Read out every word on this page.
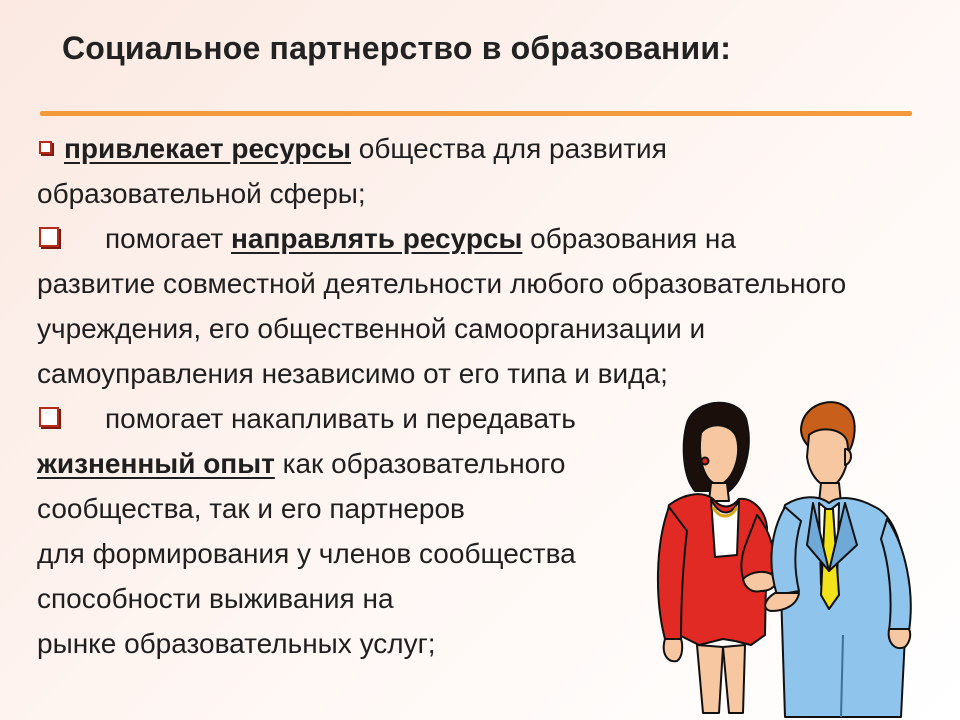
Социальное партнерство в образовании:
привлекает ресурсы общества для развития
образовательной сферы;
помогает направлять ресурсы образования на
развитие совместной деятельности любого образовательного
учреждения, его общественной самоорганизации и
самоуправления независимо от его типа и вида;
помогает накапливать и передавать
жизненный опыт как образовательного
сообщества, так и его партнеров
для формирования у членов сообщества
способности выживания на
рынке образовательных услуг;
